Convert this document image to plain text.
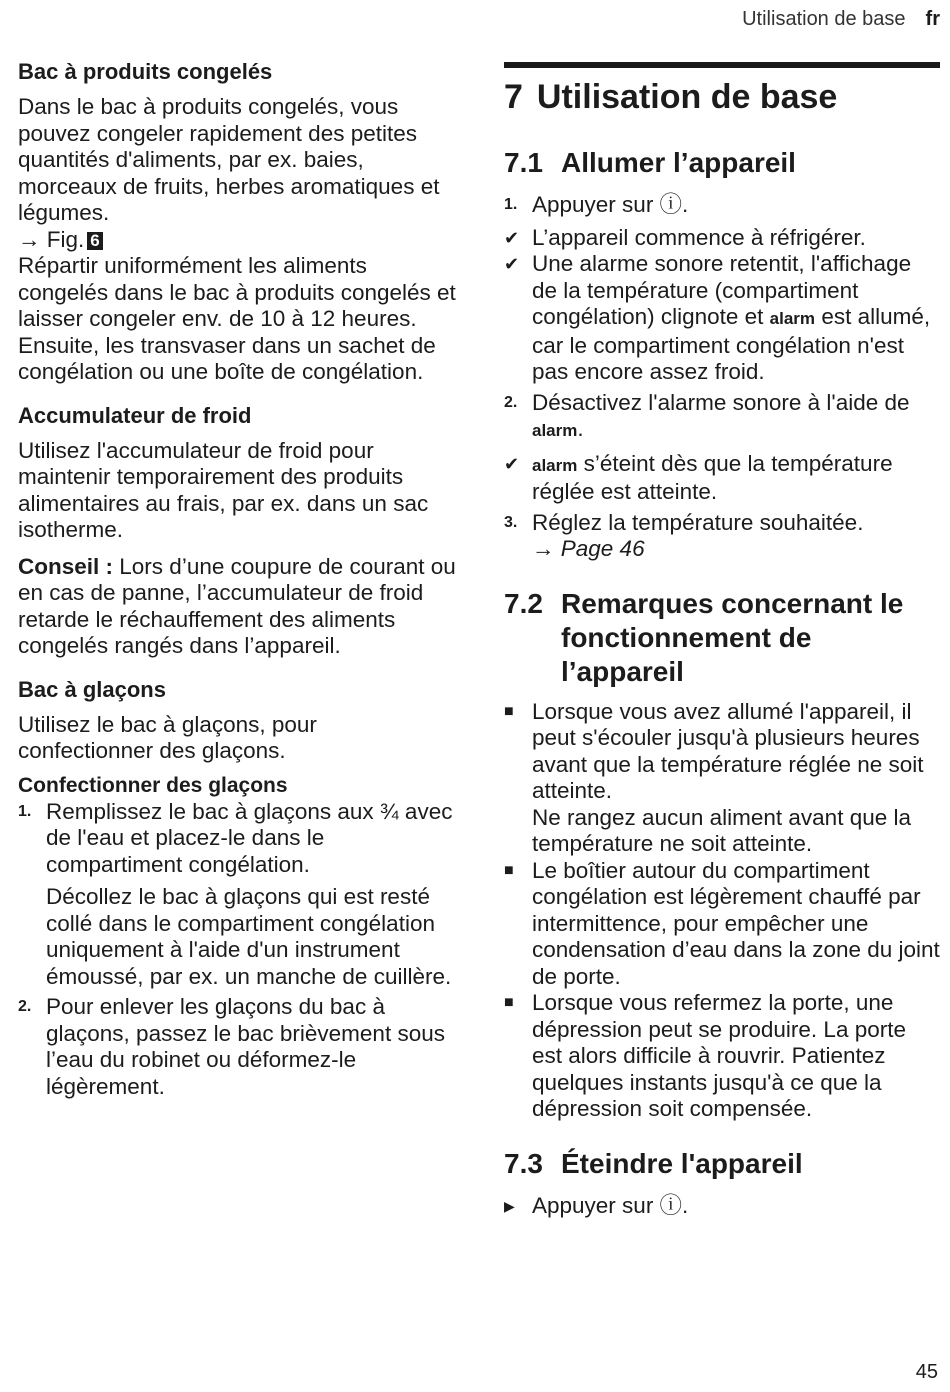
Utilisation de base fr

Bac à produits congelés

Dans le bac à produits congelés, vous pouvez congeler rapidement des petites quantités d'aliments, par ex. baies, morceaux de fruits, herbes aromatiques et légumes.

→ Fig. 6

Répartir uniformément les aliments congelés dans le bac à produits congelés et laisser congeler env. de 10 à 12 heures. Ensuite, les transvaser dans un sachet de congélation ou une boîte de congélation.

Accumulateur de froid

Utilisez l'accumulateur de froid pour maintenir temporairement des produits alimentaires au frais, par ex. dans un sac isotherme.

Conseil : Lors d’une coupure de courant ou en cas de panne, l’accumulateur de froid retarde le réchauffement des aliments congelés rangés dans l’appareil.

Bac à glaçons

Utilisez le bac à glaçons, pour confectionner des glaçons.

Confectionner des glaçons

1. Remplissez le bac à glaçons aux ¾ avec de l'eau et placez-le dans le compartiment congélation.

Décollez le bac à glaçons qui est resté collé dans le compartiment congélation uniquement à l'aide d'un instrument émoussé, par ex. un manche de cuillère.

2. Pour enlever les glaçons du bac à glaçons, passez le bac brièvement sous l’eau du robinet ou déformez-le légèrement.

7 Utilisation de base

7.1 Allumer l’appareil

1. Appuyer sur ⓘ.
✔ L’appareil commence à réfrigérer.
✔ Une alarme sonore retentit, l'affichage de la température (compartiment congélation) clignote et alarm est allumé, car le compartiment congélation n'est pas encore assez froid.
2. Désactivez l'alarme sonore à l'aide de alarm.
✔ alarm s’éteint dès que la température réglée est atteinte.
3. Réglez la température souhaitée.
→ Page 46

7.2 Remarques concernant le fonctionnement de l’appareil

■ Lorsque vous avez allumé l'appareil, il peut s'écouler jusqu'à plusieurs heures avant que la température réglée ne soit atteinte.
Ne rangez aucun aliment avant que la température ne soit atteinte.
■ Le boîtier autour du compartiment congélation est légèrement chauffé par intermittence, pour empêcher une condensation d’eau dans la zone du joint de porte.
■ Lorsque vous refermez la porte, une dépression peut se produire. La porte est alors difficile à rouvrir. Patientez quelques instants jusqu'à ce que la dépression soit compensée.

7.3 Éteindre l'appareil

▶ Appuyer sur ⓘ.
45
